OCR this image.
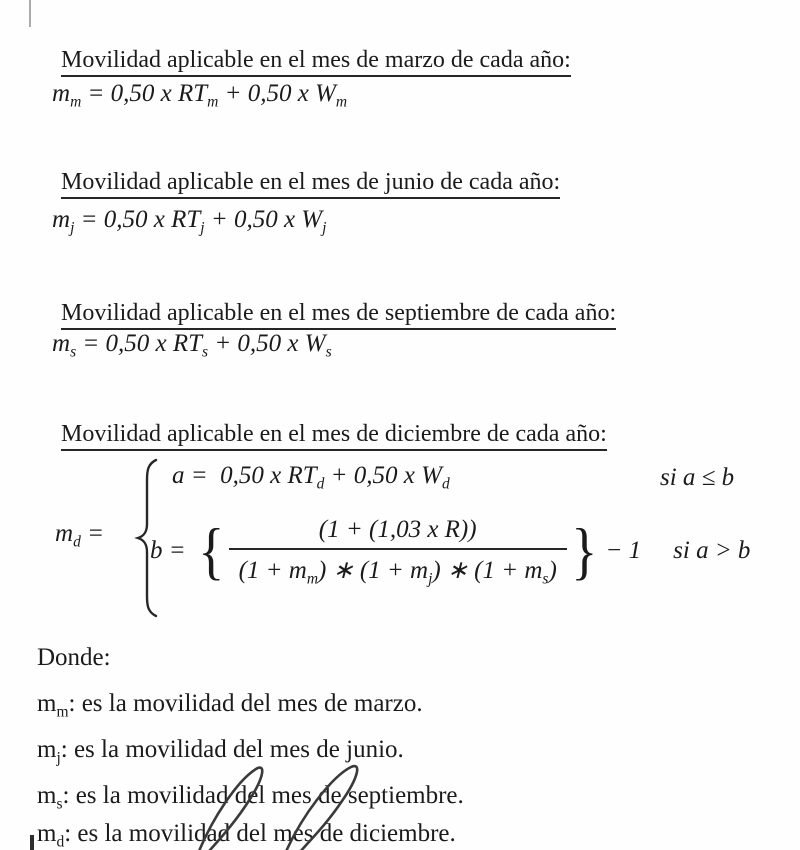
Movilidad aplicable en el mes de marzo de cada año:

$m_m = 0,50$ x $RT_m + 0,50$ x $W_m$

Movilidad aplicable en el mes de junio de cada año:

$m_j = 0,50$ x $RT_j + 0,50$ x $W_j$

Movilidad aplicable en el mes de septiembre de cada año:

$m_s = 0,50$ x $RT_s + 0,50$ x $W_s$

Movilidad aplicable en el mes de diciembre de cada año:

$m_d$ =
a =  0,50 x $RT_d + 0,50$ x $W_d$	si a ≤ b
b = { $\frac{\text{(1 + (1,03 x R))}}{(1 + m_m) ∗ (1 + m_j) ∗ (1 + m_s)}$ } − 1 si a > b
Donde:
$m_m$: es la movilidad del mes de marzo.
$m_j$: es la movilidad del mes de junio.
$m_s$: es la movilidad del mes de septiembre.
$m_d$: es la movilidad del mes de diciembre.
